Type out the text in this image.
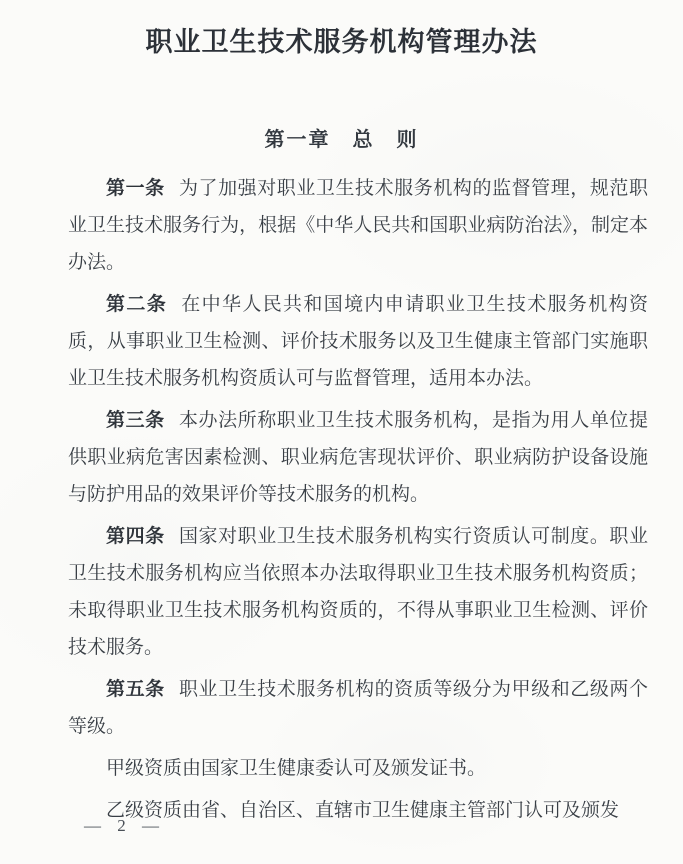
职业卫生技术服务机构管理办法
第一章　总　则

第一条 为了加强对职业卫生技术服务机构的监督管理，规范职业卫生技术服务行为，根据《中华人民共和国职业病防治法》，制定本办法。

第二条 在中华人民共和国境内申请职业卫生技术服务机构资质，从事职业卫生检测、评价技术服务以及卫生健康主管部门实施职业卫生技术服务机构资质认可与监督管理，适用本办法。

第三条 本办法所称职业卫生技术服务机构，是指为用人单位提供职业病危害因素检测、职业病危害现状评价、职业病防护设备设施与防护用品的效果评价等技术服务的机构。

第四条 国家对职业卫生技术服务机构实行资质认可制度。职业卫生技术服务机构应当依照本办法取得职业卫生技术服务机构资质；未取得职业卫生技术服务机构资质的，不得从事职业卫生检测、评价技术服务。

第五条 职业卫生技术服务机构的资质等级分为甲级和乙级两个等级。

甲级资质由国家卫生健康委认可及颁发证书。

乙级资质由省、自治区、直辖市卫生健康主管部门认可及颁发

— 2 —
